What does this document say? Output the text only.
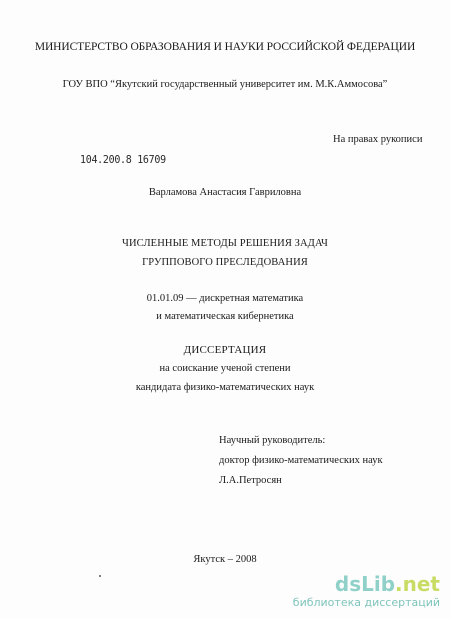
МИНИСТЕРСТВО ОБРАЗОВАНИЯ И НАУКИ РОССИЙСКОЙ ФЕДЕРАЦИИ
ГОУ ВПО “Якутский государственный университет им. М.К.Аммосова”
На правах рукописи
104.200.8 16709
Варламова Анастасия Гавриловна
ЧИСЛЕННЫЕ МЕТОДЫ РЕШЕНИЯ ЗАДАЧ
ГРУППОВОГО ПРЕСЛЕДОВАНИЯ
01.01.09 — дискретная математика
и математическая кибернетика
ДИССЕРТАЦИЯ
на соискание ученой степени
кандидата физико-математических наук
Научный руководитель:
доктор физико-математических наук
Л.А.Петросян
Якутск – 2008
dsLib.net
библиотека диссертаций
